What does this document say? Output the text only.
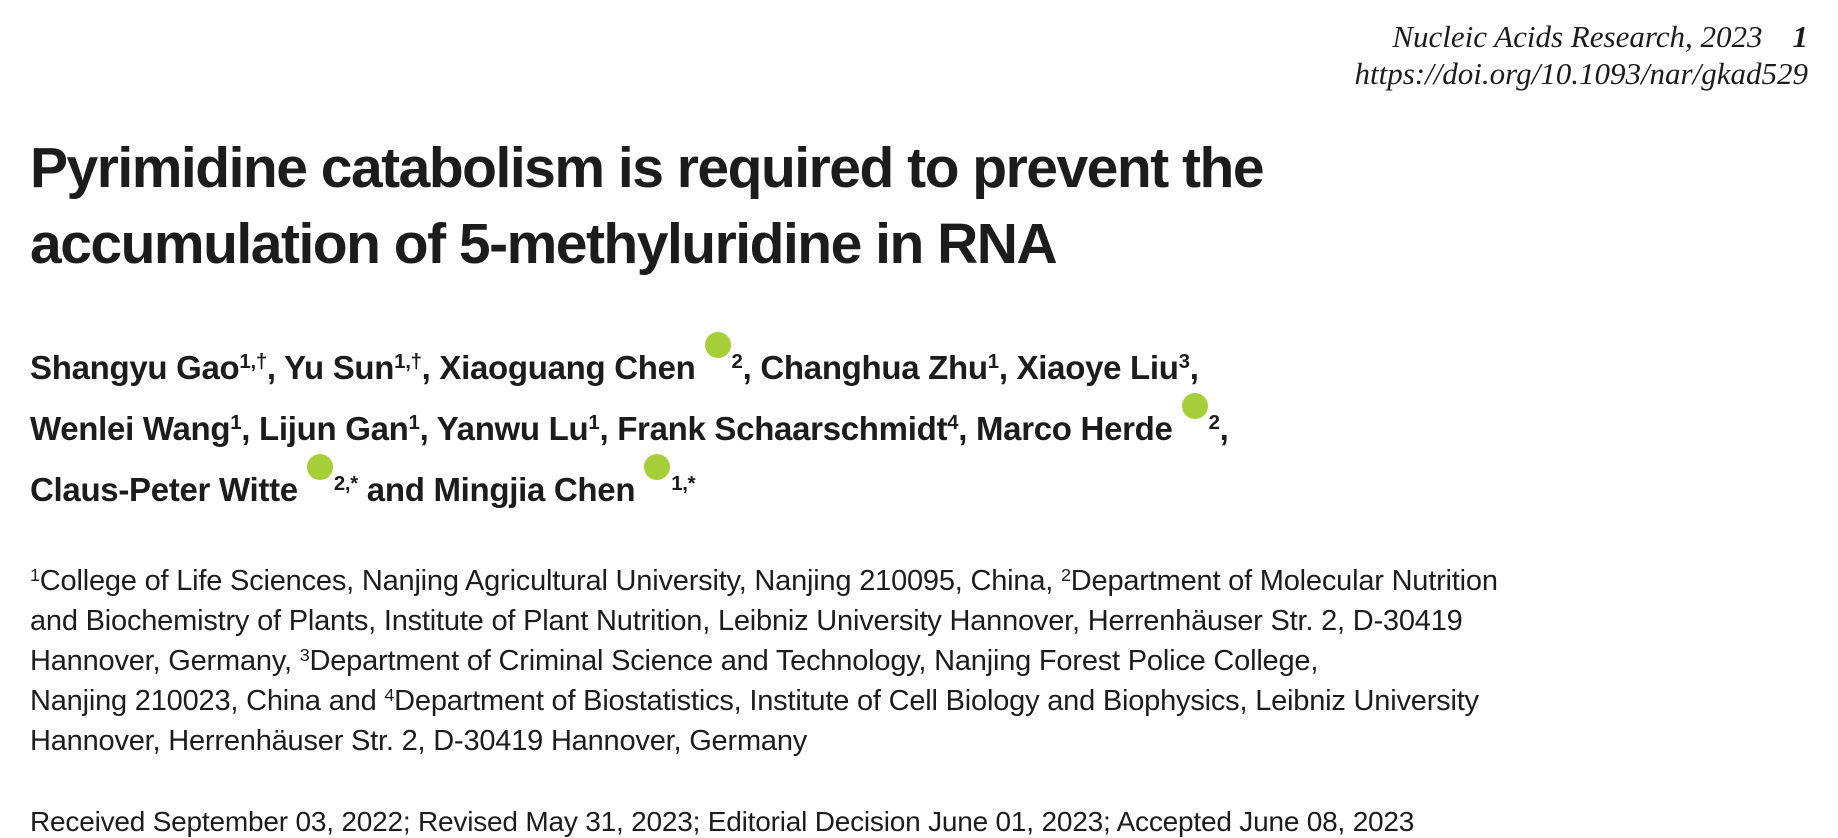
Nucleic Acids Research, 2023 1
https://doi.org/10.1093/nar/gkad529
Pyrimidine catabolism is required to prevent the
accumulation of 5-methyluridine in RNA
Shangyu Gao$^{1,\dagger}$, Yu Sun$^{1,\dagger}$, Xiaoguang Chen iD $^2$, Changhua Zhu$^1$, Xiaoye Liu$^3$,
Wenlei Wang$^1$, Lijun Gan$^1$, Yanwu Lu$^1$, Frank Schaarschmidt$^4$, Marco Herde iD $^2$,
Claus-Peter Witte iD $^{2,*}$ and Mingjia Chen iD $^{1,*}$
$^1$College of Life Sciences, Nanjing Agricultural University, Nanjing 210095, China, $^2$Department of Molecular Nutrition
and Biochemistry of Plants, Institute of Plant Nutrition, Leibniz University Hannover, Herrenhäuser Str. 2, D-30419
Hannover, Germany, $^3$Department of Criminal Science and Technology, Nanjing Forest Police College,
Nanjing 210023, China and $^4$Department of Biostatistics, Institute of Cell Biology and Biophysics, Leibniz University
Hannover, Herrenhäuser Str. 2, D-30419 Hannover, Germany
Received September 03, 2022; Revised May 31, 2023; Editorial Decision June 01, 2023; Accepted June 08, 2023
